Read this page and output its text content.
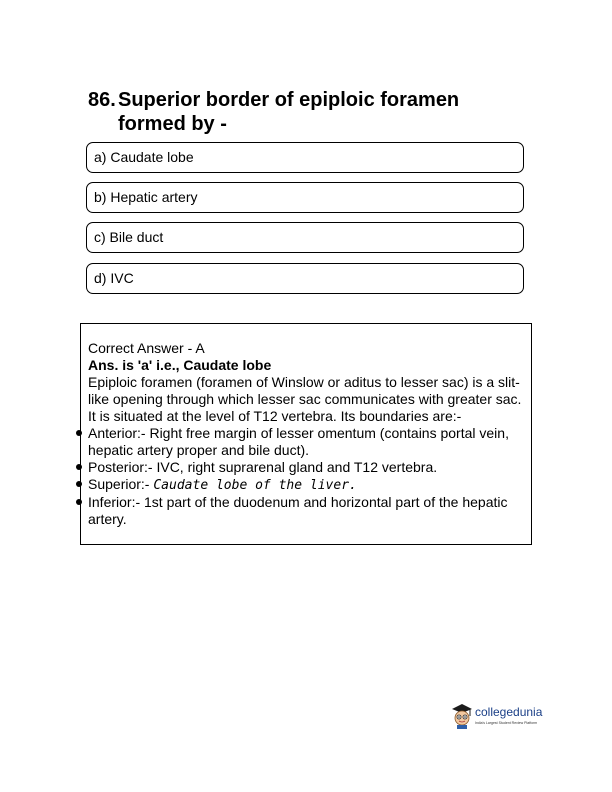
86. Superior border of epiploic foramen formed by -
a) Caudate lobe
b) Hepatic artery
c) Bile duct
d) IVC
Correct Answer - A
Ans. is 'a' i.e., Caudate lobe
Epiploic foramen (foramen of Winslow or aditus to lesser sac) is a slit-like opening through which lesser sac communicates with greater sac. It is situated at the level of T12 vertebra. Its boundaries are:-
Anterior:- Right free margin of lesser omentum (contains portal vein, hepatic artery proper and bile duct).
Posterior:- IVC, right suprarenal gland and T12 vertebra.
Superior:- Caudate lobe of the liver.
Inferior:- 1st part of the duodenum and horizontal part of the hepatic artery.
collegedunia
India's Largest Student Review Platform
